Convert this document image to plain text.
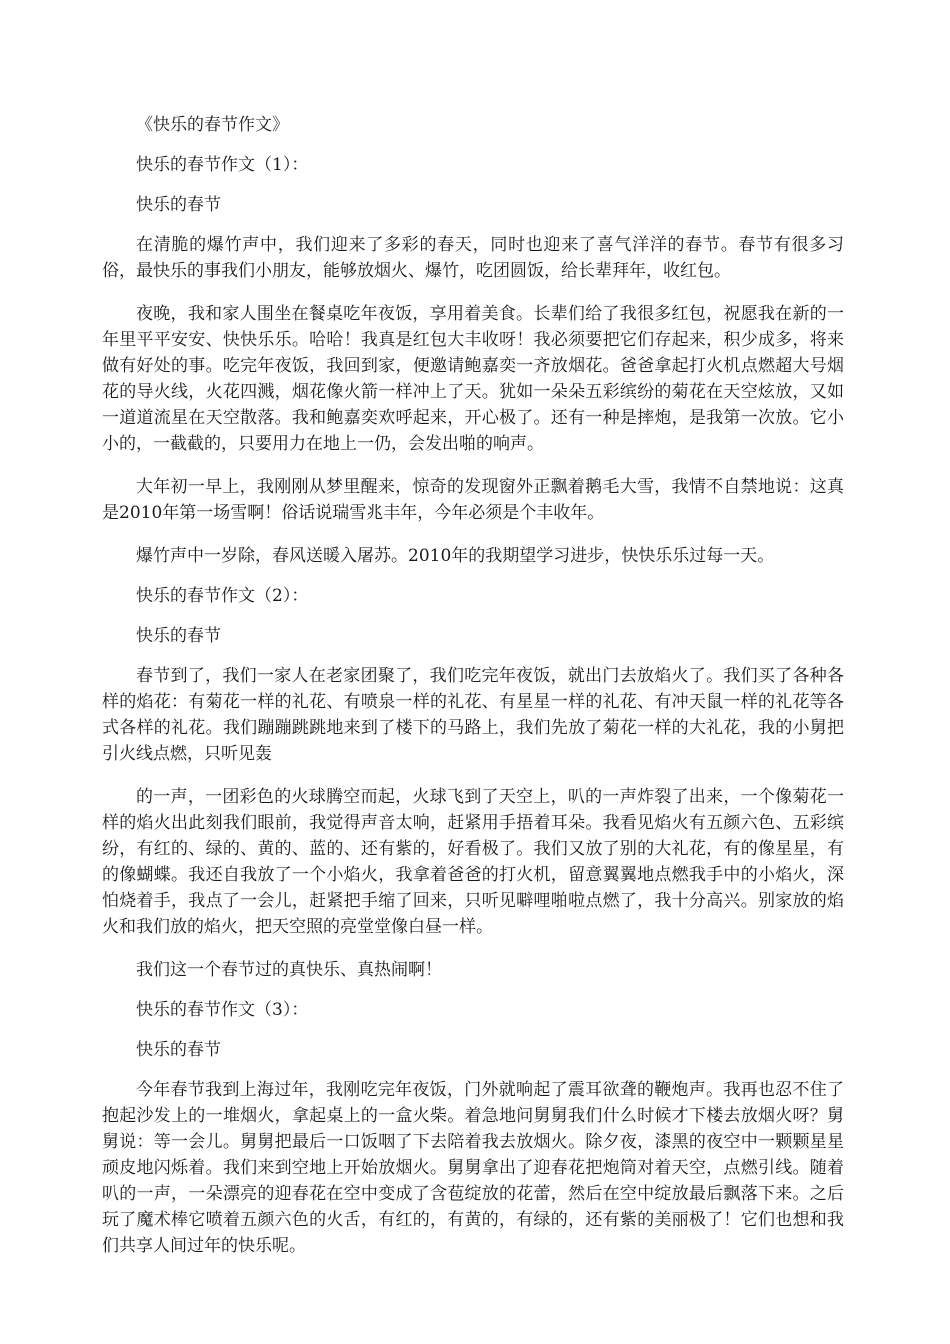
《快乐的春节作文》

快乐的春节作文（1）：

快乐的春节

在清脆的爆竹声中，我们迎来了多彩的春天，同时也迎来了喜气洋洋的春节。春节有很多习俗，最快乐的事我们小朋友，能够放烟火、爆竹，吃团圆饭，给长辈拜年，收红包。

夜晚，我和家人围坐在餐桌吃年夜饭，享用着美食。长辈们给了我很多红包，祝愿我在新的一年里平平安安、快快乐乐。哈哈！我真是红包大丰收呀！我必须要把它们存起来，积少成多，将来做有好处的事。吃完年夜饭，我回到家，便邀请鲍嘉奕一齐放烟花。爸爸拿起打火机点燃超大号烟花的导火线，火花四溅，烟花像火箭一样冲上了天。犹如一朵朵五彩缤纷的菊花在天空炫放，又如一道道流星在天空散落。我和鲍嘉奕欢呼起来，开心极了。还有一种是摔炮，是我第一次放。它小小的，一截截的，只要用力在地上一仍，会发出啪的响声。

大年初一早上，我刚刚从梦里醒来，惊奇的发现窗外正飘着鹅毛大雪，我情不自禁地说：这真是2010年第一场雪啊！俗话说瑞雪兆丰年，今年必须是个丰收年。

爆竹声中一岁除，春风送暖入屠苏。2010年的我期望学习进步，快快乐乐过每一天。

快乐的春节作文（2）：

快乐的春节

春节到了，我们一家人在老家团聚了，我们吃完年夜饭，就出门去放焰火了。我们买了各种各样的焰花：有菊花一样的礼花、有喷泉一样的礼花、有星星一样的礼花、有冲天鼠一样的礼花等各式各样的礼花。我们蹦蹦跳跳地来到了楼下的马路上，我们先放了菊花一样的大礼花，我的小舅把引火线点燃，只听见轰

的一声，一团彩色的火球腾空而起，火球飞到了天空上，叭的一声炸裂了出来，一个像菊花一样的焰火出此刻我们眼前，我觉得声音太响，赶紧用手捂着耳朵。我看见焰火有五颜六色、五彩缤纷，有红的、绿的、黄的、蓝的、还有紫的，好看极了。我们又放了别的大礼花，有的像星星，有的像蝴蝶。我还自我放了一个小焰火，我拿着爸爸的打火机，留意翼翼地点燃我手中的小焰火，深怕烧着手，我点了一会儿，赶紧把手缩了回来，只听见噼哩啪啦点燃了，我十分高兴。别家放的焰火和我们放的焰火，把天空照的亮堂堂像白昼一样。

我们这一个春节过的真快乐、真热闹啊！

快乐的春节作文（3）：

快乐的春节

今年春节我到上海过年，我刚吃完年夜饭，门外就响起了震耳欲聋的鞭炮声。我再也忍不住了抱起沙发上的一堆烟火，拿起桌上的一盒火柴。着急地问舅舅我们什么时候才下楼去放烟火呀？舅舅说：等一会儿。舅舅把最后一口饭咽了下去陪着我去放烟火。除夕夜，漆黑的夜空中一颗颗星星顽皮地闪烁着。我们来到空地上开始放烟火。舅舅拿出了迎春花把炮筒对着天空，点燃引线。随着叭的一声，一朵漂亮的迎春花在空中变成了含苞绽放的花蕾，然后在空中绽放最后飘落下来。之后玩了魔术棒它喷着五颜六色的火舌，有红的，有黄的，有绿的，还有紫的美丽极了！它们也想和我们共享人间过年的快乐呢。
